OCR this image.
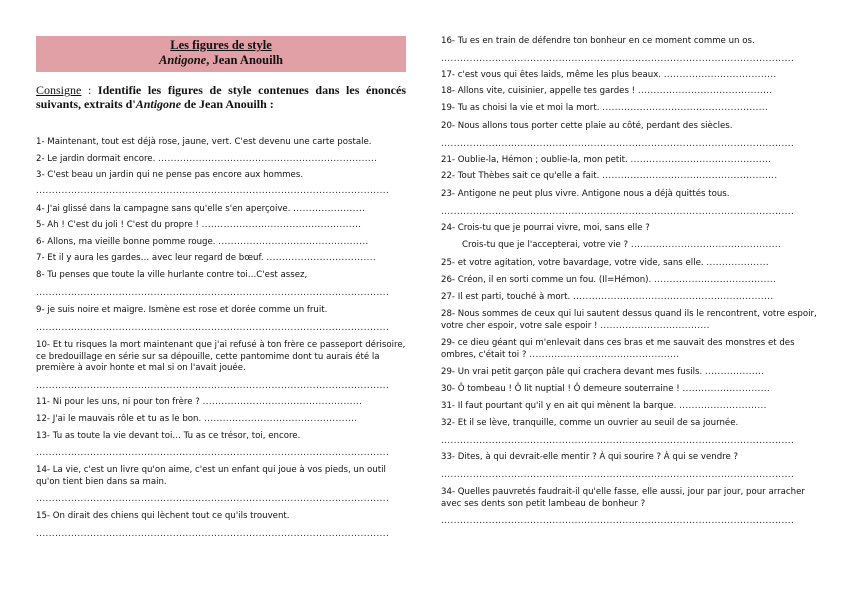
Les figures de style
Antigone, Jean Anouilh
Consigne : Identifie les figures de style contenues dans les énoncés suivants, extraits d'Antigone de Jean Anouilh :
1- Maintenant, tout est déjà rose, jaune, vert. C'est devenu une carte postale.
2- Le jardin dormait encore. ......................................................................
3- C'est beau un jardin qui ne pense pas encore aux hommes.
...............................................................................................................
4- J'ai glissé dans la campagne sans qu'elle s'en aperçoive. .......................
5- Ah ! C'est du joli ! C'est du propre ! ...................................................
6- Allons, ma vieille bonne pomme rouge. ................................................
7- Et il y aura les gardes… avec leur regard de bœuf. ...................................
8- Tu penses que toute la ville hurlante contre toi…C'est assez,
...............................................................................................................
9- je suis noire et maigre. Ismène est rose et dorée comme un fruit.
...............................................................................................................
10- Et tu risques la mort maintenant que j'ai refusé à ton frère ce passeport dérisoire, ce bredouillage en série sur sa dépouille, cette pantomime dont tu aurais été la première à avoir honte et mal si on l'avait jouée.
...............................................................................................................
11- Ni pour les uns, ni pour ton frère ? ...................................................
12- J'ai le mauvais rôle et tu as le bon. .................................................
13- Tu as toute la vie devant toi… Tu as ce trésor, toi, encore.
...............................................................................................................
14- La vie, c'est un livre qu'on aime, c'est un enfant qui joue à vos pieds, un outil qu'on tient bien dans sa main.
...............................................................................................................
15- On dirait des chiens qui lèchent tout ce qu'ils trouvent.
...............................................................................................................
16- Tu es en train de défendre ton bonheur en ce moment comme un os.
...............................................................................................................
17- c'est vous qui êtes laids, même les plus beaux. ....................................
18- Allons vite, cuisinier, appelle tes gardes ! ...........................................
19- Tu as choisi la vie et moi la mort. .....................................................
20- Nous allons tous porter cette plaie au côté, perdant des siècles.
...............................................................................................................
21- Oublie-la, Hémon ; oublie-la, mon petit. .............................................
22- Tout Thèbes sait ce qu'elle a fait. ........................................................
23- Antigone ne peut plus vivre. Antigone nous a déjà quittés tous.
...............................................................................................................
24- Crois-tu que je pourrai vivre, moi, sans elle ?
Crois-tu que je l'accepterai, votre vie ? ................................................
25- et votre agitation, votre bavardage, votre vide, sans elle. ....................
26- Créon, il en sorti comme un fou. (Il=Hémon). .......................................
27- Il est parti, touché à mort. ................................................................
28- Nous sommes de ceux qui lui sautent dessus quand ils le rencontrent, votre espoir, votre cher espoir, votre sale espoir ! ...................................
29- ce dieu géant qui m'enlevait dans ces bras et me sauvait des monstres et des ombres, c'était toi ? ................................................
29- Un vrai petit garçon pâle qui crachera devant mes fusils. ...................
30- Ô tombeau ! Ô lit nuptial ! Ô demeure souterraine ! ............................
31- Il faut pourtant qu'il y en ait qui mènent la barque. ............................
32- Et il se lève, tranquille, comme un ouvrier au seuil de sa journée.
...............................................................................................................
33- Dites, à qui devrait-elle mentir ? À qui sourire ? À qui se vendre ?
...............................................................................................................
34- Quelles pauvretés faudrait-il qu'elle fasse, elle aussi, jour par jour, pour arracher avec ses dents son petit lambeau de bonheur ?
...............................................................................................................
